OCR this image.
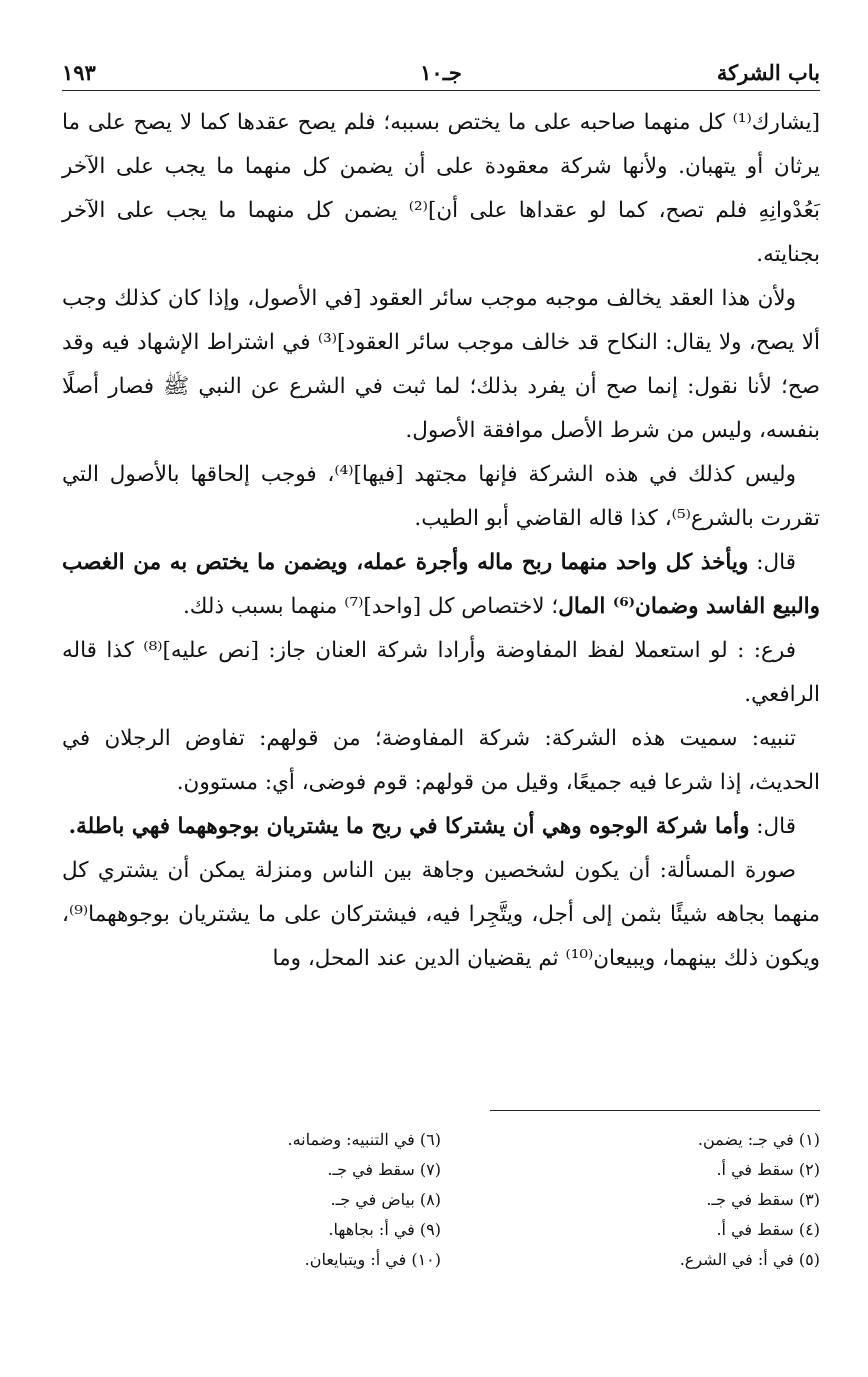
باب الشركة
جـ١٠
١٩٣

[يشارك⁽¹⁾ كل منهما صاحبه على ما يختص بسببه؛ فلم يصح عقدها كما لا يصح على ما يرثان أو يتهبان. ولأنها شركة معقودة على أن يضمن كل منهما ما يجب على الآخر بَعُدْوانِهِ فلم تصح، كما لو عقداها على أن]⁽²⁾ يضمن كل منهما ما يجب على الآخر بجنايته.

ولأن هذا العقد يخالف موجبه موجب سائر العقود [في الأصول، وإذا كان كذلك وجب ألا يصح، ولا يقال: النكاح قد خالف موجب سائر العقود]⁽³⁾ في اشتراط الإشهاد فيه وقد صح؛ لأنا نقول: إنما صح أن يفرد بذلك؛ لما ثبت في الشرع عن النبي ﷺ فصار أصلًا بنفسه، وليس من شرط الأصل موافقة الأصول.

وليس كذلك في هذه الشركة فإنها مجتهد [فيها]⁽⁴⁾، فوجب إلحاقها بالأصول التي تقررت بالشرع⁽⁵⁾، كذا قاله القاضي أبو الطيب.

قال: ويأخذ كل واحد منهما ربح ماله وأجرة عمله، ويضمن ما يختص به من الغصب والبيع الفاسد وضمان⁽⁶⁾ المال؛ لاختصاص كل [واحد]⁽⁷⁾ منهما بسبب ذلك.

فرع: : لو استعملا لفظ المفاوضة وأرادا شركة العنان جاز: [نص عليه]⁽⁸⁾ كذا قاله الرافعي.

تنبيه: سميت هذه الشركة: شركة المفاوضة؛ من قولهم: تفاوض الرجلان في الحديث، إذا شرعا فيه جميعًا، وقيل من قولهم: قوم فوضى، أي: مستوون.

قال: وأما شركة الوجوه وهي أن يشتركا في ربح ما يشتريان بوجوههما فهي باطلة.

صورة المسألة: أن يكون لشخصين وجاهة بين الناس ومنزلة يمكن أن يشتري كل منهما بجاهه شيئًا بثمن إلى أجل، ويتَّجِرا فيه، فيشتركان على ما يشتريان بوجوههما⁽⁹⁾، ويكون ذلك بينهما، ويبيعان⁽¹⁰⁾ ثم يقضيان الدين عند المحل، وما

(١) في جـ: يضمن.
(٢) سقط في أ.
(٣) سقط في جـ.
(٤) سقط في أ.
(٥) في أ: في الشرع.
(٦) في التنبيه: وضمانه.
(٧) سقط في جـ.
(٨) بياض في جـ.
(٩) في أ: بجاهها.
(١٠) في أ: ويتبايعان.
